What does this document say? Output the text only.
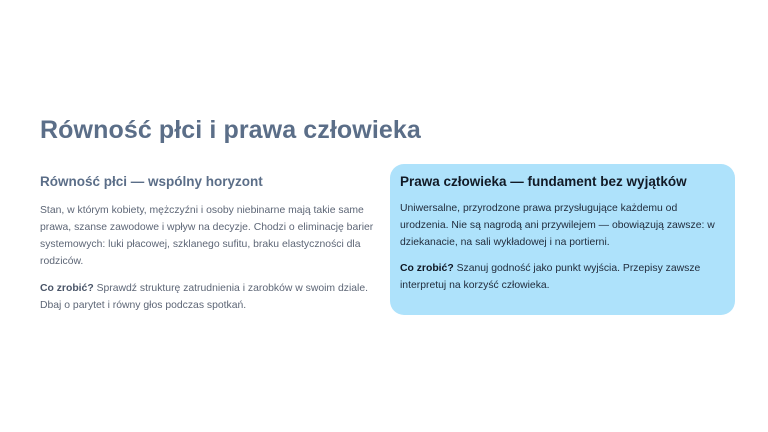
Równość płci i prawa człowieka
Równość płci — wspólny horyzont

Stan, w którym kobiety, mężczyźni i osoby niebinarne mają takie same prawa, szanse zawodowe i wpływ na decyzje. Chodzi o eliminację barier systemowych: luki płacowej, szklanego sufitu, braku elastyczności dla rodziców.

Co zrobić? Sprawdź strukturę zatrudnienia i zarobków w swoim dziale. Dbaj o parytet i równy głos podczas spotkań.

Prawa człowieka — fundament bez wyjątków

Uniwersalne, przyrodzone prawa przysługujące każdemu od urodzenia. Nie są nagrodą ani przywilejem — obowiązują zawsze: w dziekanacie, na sali wykładowej i na portierni.

Co zrobić? Szanuj godność jako punkt wyjścia. Przepisy zawsze interpretuj na korzyść człowieka.
